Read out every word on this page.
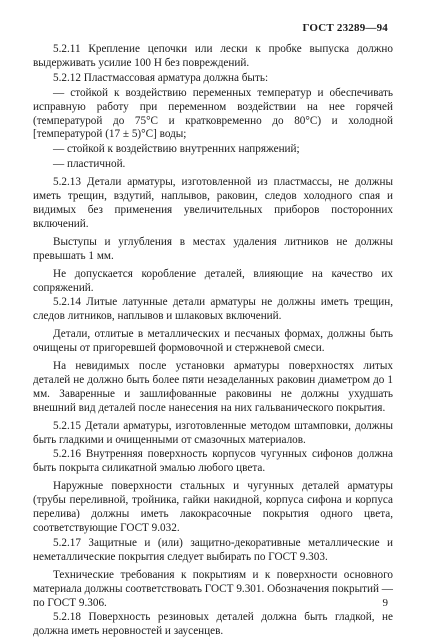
ГОСТ 23289—94

5.2.11 Крепление цепочки или лески к пробке выпуска должно выдерживать усилие 100 Н без повреждений.

5.2.12 Пластмассовая арматура должна быть:

— стойкой к воздействию переменных температур и обеспечивать исправную работу при переменном воздействии на нее горячей (температурой до 75°С и кратковременно до 80°С) и холодной [температурой (17 ± 5)°С] воды;

— стойкой к воздействию внутренних напряжений;

— пластичной.

5.2.13 Детали арматуры, изготовленной из пластмассы, не должны иметь трещин, вздутий, наплывов, раковин, следов холодного спая и видимых без применения увеличительных приборов посторонних включений.

Выступы и углубления в местах удаления литников не должны превышать 1 мм.

Не допускается коробление деталей, влияющие на качество их сопряжений.

5.2.14 Литые латунные детали арматуры не должны иметь трещин, следов литников, наплывов и шлаковых включений.

Детали, отлитые в металлических и песчаных формах, должны быть очищены от пригоревшей формовочной и стержневой смеси.

На невидимых после установки арматуры поверхностях литых деталей не должно быть более пяти незаделанных раковин диаметром до 1 мм. Заваренные и зашлифованные раковины не должны ухудшать внешний вид деталей после нанесения на них гальванического покрытия.

5.2.15 Детали арматуры, изготовленные методом штамповки, должны быть гладкими и очищенными от смазочных материалов.

5.2.16 Внутренняя поверхность корпусов чугунных сифонов должна быть покрыта силикатной эмалью любого цвета.

Наружные поверхности стальных и чугунных деталей арматуры (трубы переливной, тройника, гайки накидной, корпуса сифона и корпуса перелива) должны иметь лакокрасочные покрытия одного цвета, соответствующие ГОСТ 9.032.

5.2.17 Защитные и (или) защитно-декоративные металлические и неметаллические покрытия следует выбирать по ГОСТ 9.303.

Технические требования к покрытиям и к поверхности основного материала должны соответствовать ГОСТ 9.301. Обозначения покрытий — по ГОСТ 9.306.

5.2.18 Поверхность резиновых деталей должна быть гладкой, не должна иметь неровностей и заусенцев.

9
